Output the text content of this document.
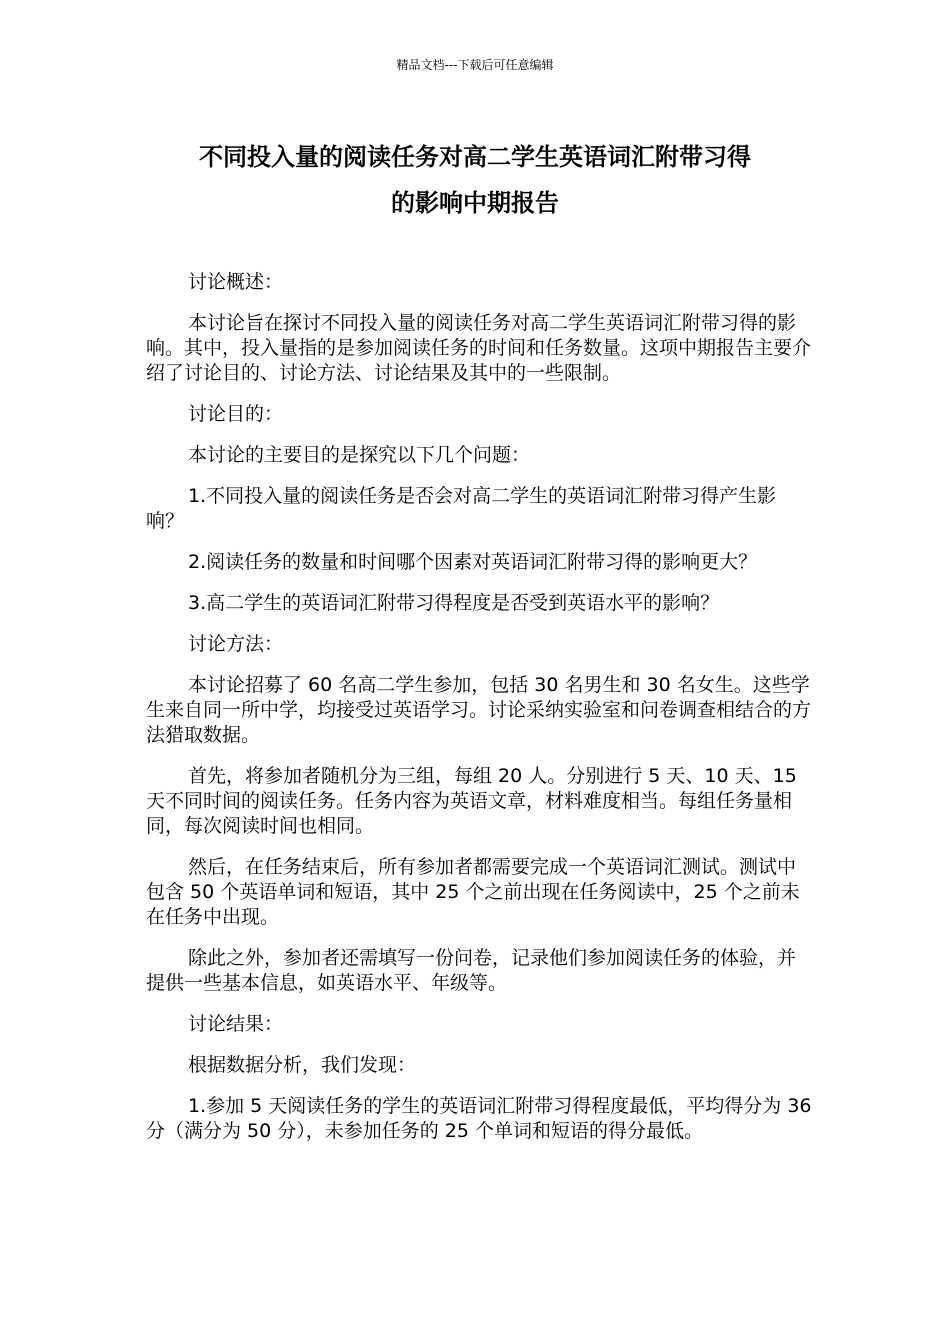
精品文档---下载后可任意编辑
不同投入量的阅读任务对高二学生英语词汇附带习得
的影响中期报告

讨论概述：

本讨论旨在探讨不同投入量的阅读任务对高二学生英语词汇附带习得的影响。其中，投入量指的是参加阅读任务的时间和任务数量。这项中期报告主要介绍了讨论目的、讨论方法、讨论结果及其中的一些限制。

讨论目的：

本讨论的主要目的是探究以下几个问题：

1.不同投入量的阅读任务是否会对高二学生的英语词汇附带习得产生影响？

2.阅读任务的数量和时间哪个因素对英语词汇附带习得的影响更大？

3.高二学生的英语词汇附带习得程度是否受到英语水平的影响？

讨论方法：

本讨论招募了 60 名高二学生参加，包括 30 名男生和 30 名女生。这些学生来自同一所中学，均接受过英语学习。讨论采纳实验室和问卷调查相结合的方法猎取数据。

首先，将参加者随机分为三组，每组 20 人。分别进行 5 天、10 天、15 天不同时间的阅读任务。任务内容为英语文章，材料难度相当。每组任务量相同，每次阅读时间也相同。

然后，在任务结束后，所有参加者都需要完成一个英语词汇测试。测试中包含 50 个英语单词和短语，其中 25 个之前出现在任务阅读中，25 个之前未在任务中出现。

除此之外，参加者还需填写一份问卷，记录他们参加阅读任务的体验，并提供一些基本信息，如英语水平、年级等。

讨论结果：

根据数据分析，我们发现：

1.参加 5 天阅读任务的学生的英语词汇附带习得程度最低，平均得分为 36 分（满分为 50 分），未参加任务的 25 个单词和短语的得分最低。
